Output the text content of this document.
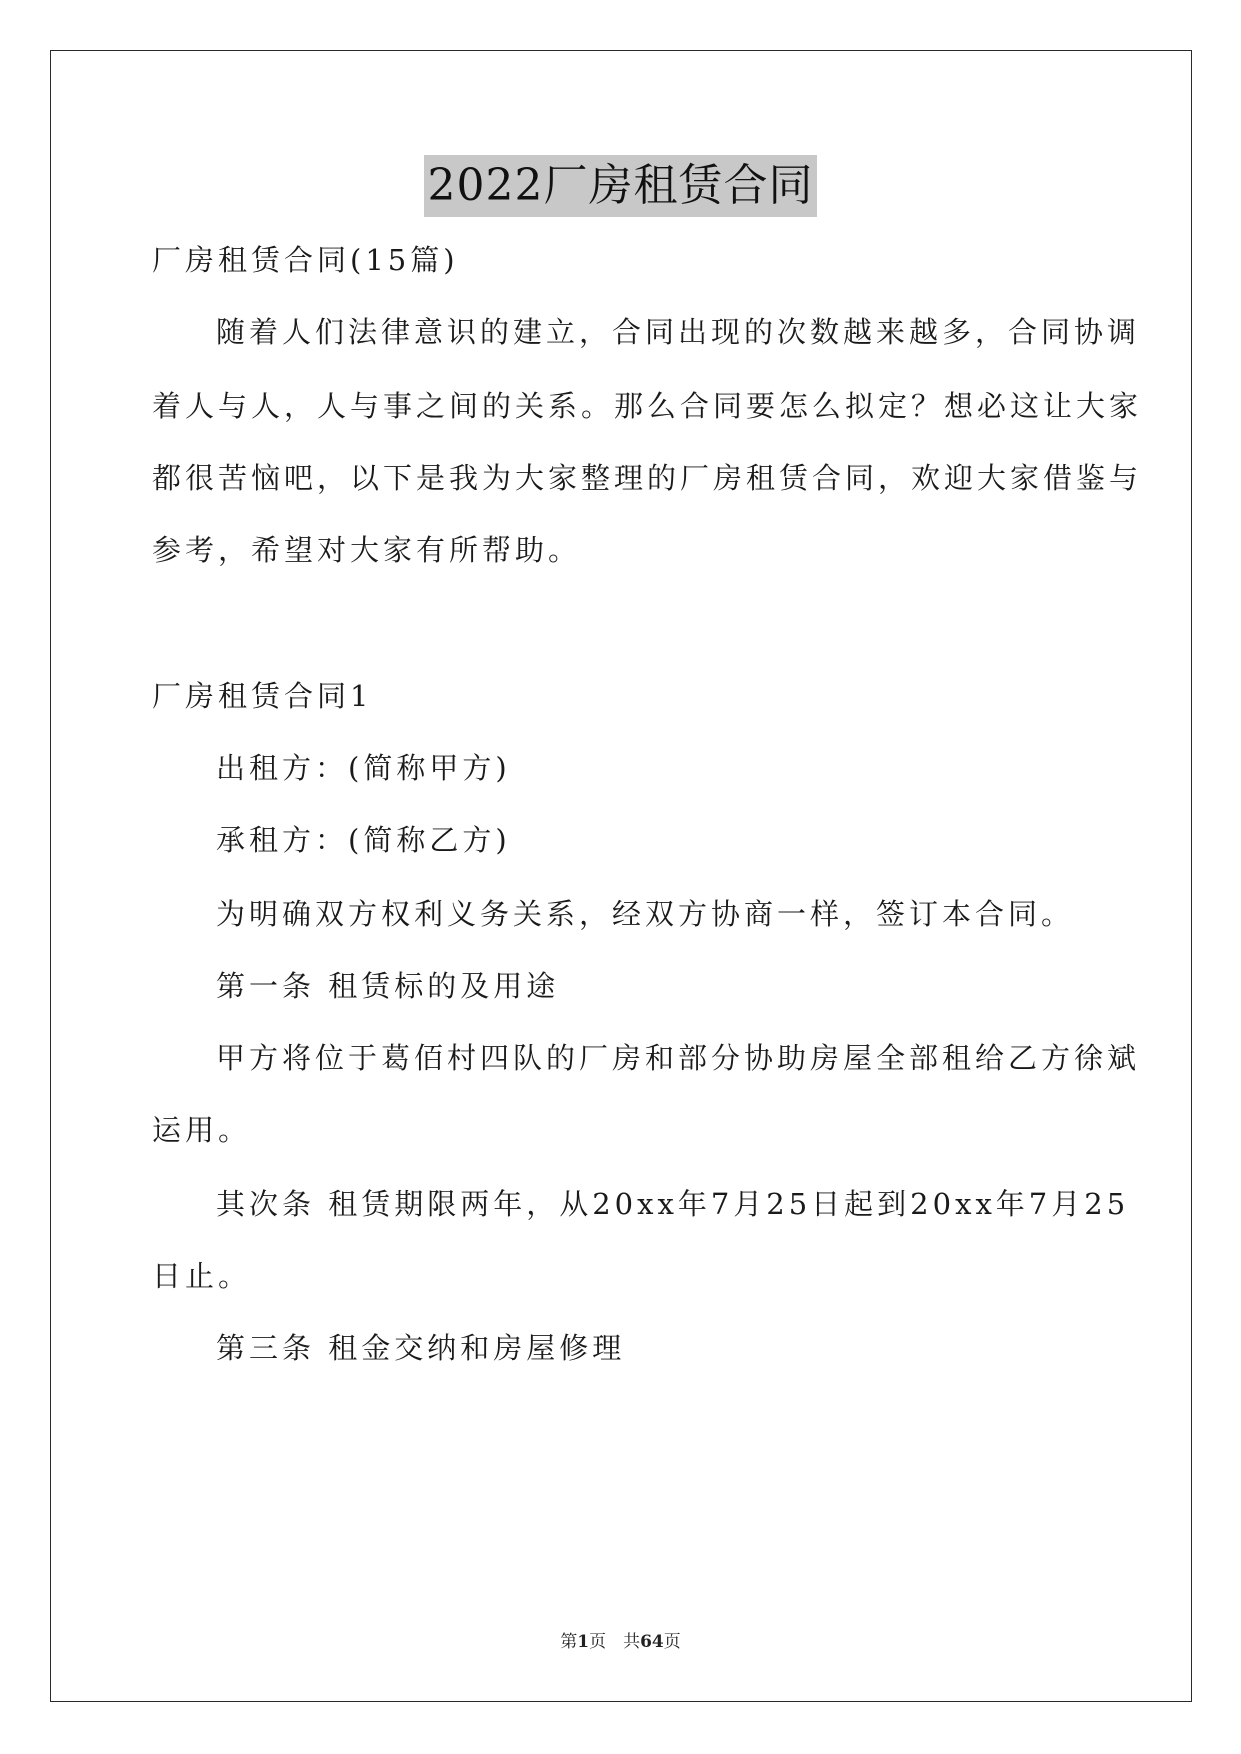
2022厂房租赁合同
厂房租赁合同(15篇)
随着人们法律意识的建立，合同出现的次数越来越多，合同协调
着人与人，人与事之间的关系。那么合同要怎么拟定？想必这让大家
都很苦恼吧，以下是我为大家整理的厂房租赁合同，欢迎大家借鉴与
参考，希望对大家有所帮助。
厂房租赁合同1
出租方：(简称甲方)
承租方：(简称乙方)
为明确双方权利义务关系，经双方协商一样，签订本合同。
第一条 租赁标的及用途
甲方将位于葛佰村四队的厂房和部分协助房屋全部租给乙方徐斌
运用。
其次条 租赁期限两年，从20xx年7月25日起到20xx年7月25
日止。
第三条 租金交纳和房屋修理
第1页　共64页
